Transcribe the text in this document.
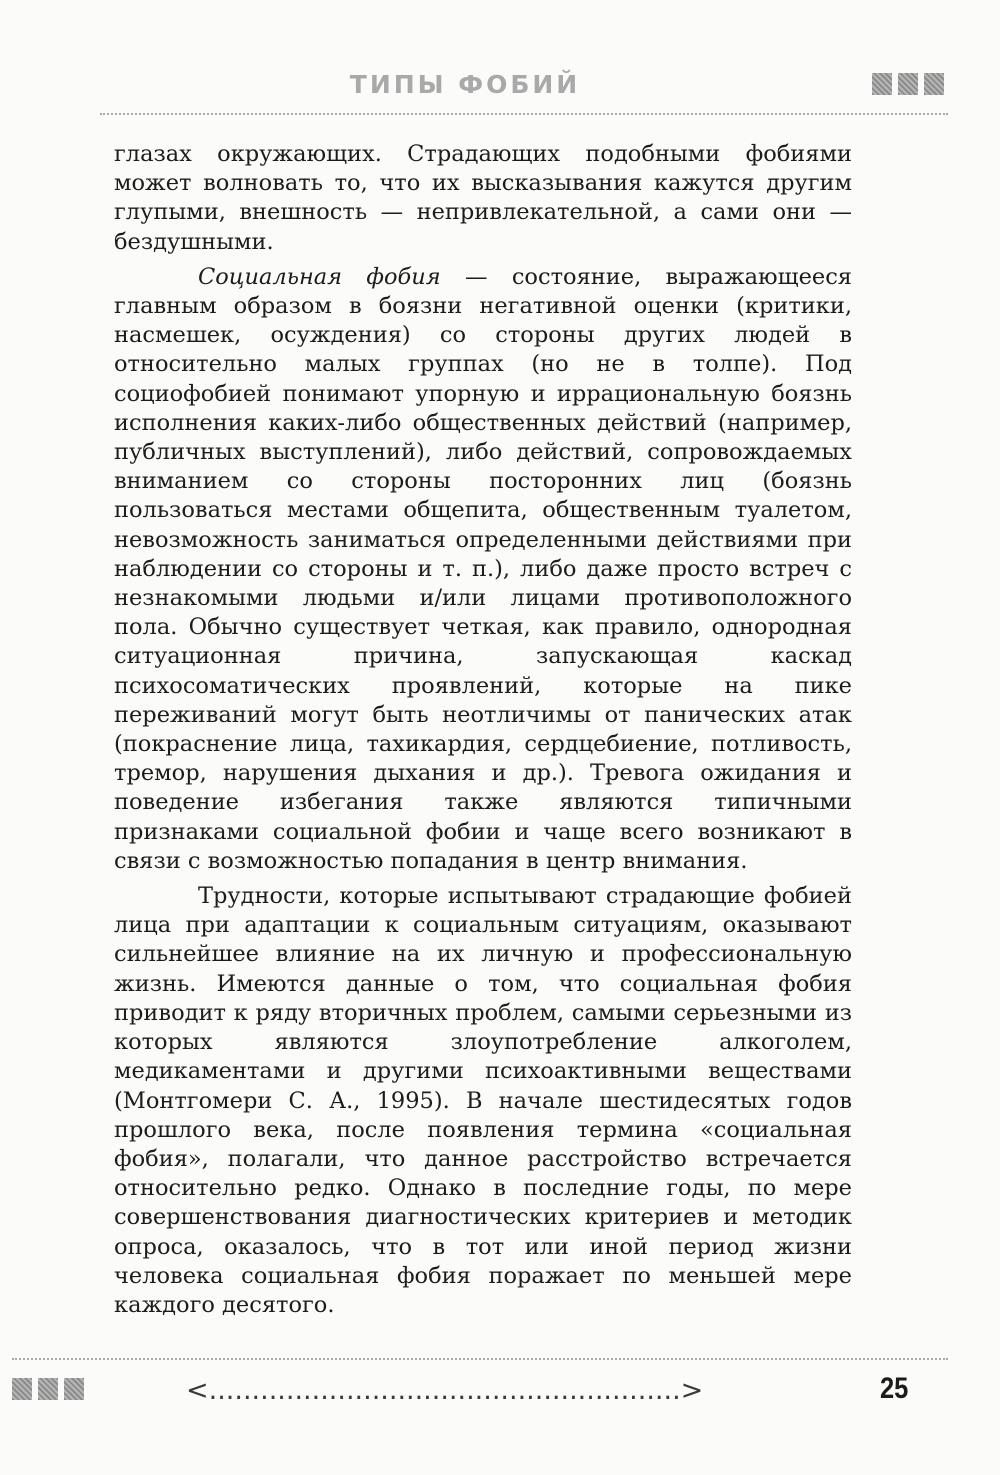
ТИПЫ ФОБИЙ

глазах окружающих. Страдающих подобными фобиями может волновать то, что их высказывания кажутся другим глупыми, внешность — непривлекательной, а сами они — бездушными.

Социальная фобия — состояние, выражающееся главным образом в боязни негативной оценки (критики, насмешек, осуждения) со стороны других людей в относительно малых группах (но не в толпе). Под социофобией понимают упорную и иррациональную боязнь исполнения каких-либо общественных действий (например, публичных выступлений), либо действий, сопровождаемых вниманием со стороны посторонних лиц (боязнь пользоваться местами общепита, общественным туалетом, невозможность заниматься определенными действиями при наблюдении со стороны и т. п.), либо даже просто встреч с незнакомыми людьми и/или лицами противоположного пола. Обычно существует четкая, как правило, однородная ситуационная причина, запускающая каскад психосоматических проявлений, которые на пике переживаний могут быть неотличимы от панических атак (покраснение лица, тахикардия, сердцебиение, потливость, тремор, нарушения дыхания и др.). Тревога ожидания и поведение избегания также являются типичными признаками социальной фобии и чаще всего возникают в связи с возможностью попадания в центр внимания.

Трудности, которые испытывают страдающие фобией лица при адаптации к социальным ситуациям, оказывают сильнейшее влияние на их личную и профессиональную жизнь. Имеются данные о том, что социальная фобия приводит к ряду вторичных проблем, самыми серьезными из которых являются злоупотребление алкоголем, медикаментами и другими психоактивными веществами (Монтгомери С. А., 1995). В начале шестидесятых годов прошлого века, после появления термина «социальная фобия», полагали, что данное расстройство встречается относительно редко. Однако в последние годы, по мере совершенствования диагностических критериев и методик опроса, оказалось, что в тот или иной период жизни человека социальная фобия поражает по меньшей мере каждого десятого.

<.......................................................>	25
